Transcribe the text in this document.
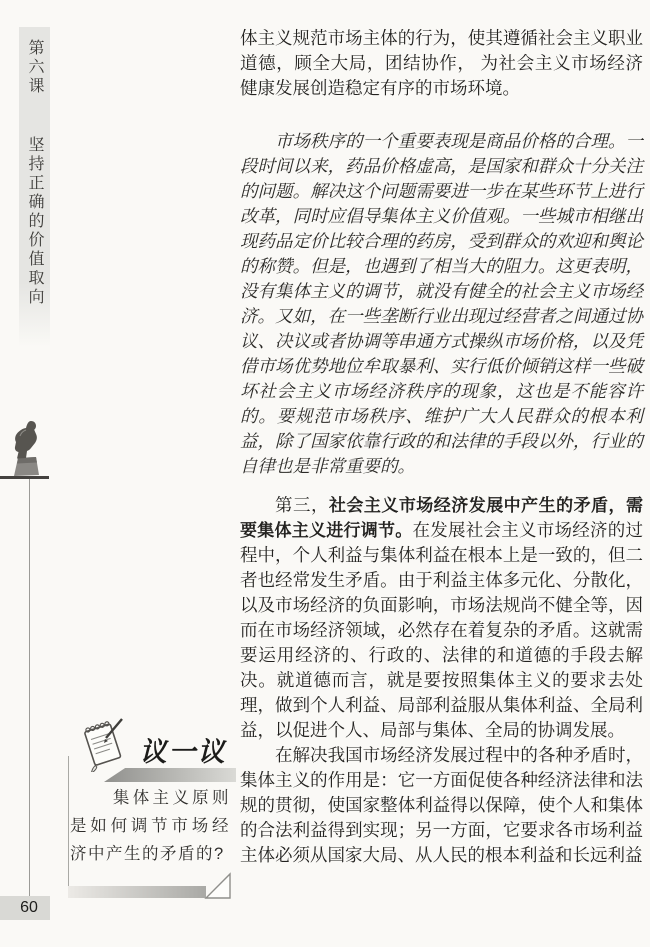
第六课 坚持正确的价值取向
60

体主义规范市场主体的行为，使其遵循社会主义职业道德，顾全大局，团结协作， 为社会主义市场经济健康发展创造稳定有序的市场环境。

市场秩序的一个重要表现是商品价格的合理。一段时间以来，药品价格虚高，是国家和群众十分关注的问题。解决这个问题需要进一步在某些环节上进行改革，同时应倡导集体主义价值观。一些城市相继出现药品定价比较合理的药房，受到群众的欢迎和舆论的称赞。但是，也遇到了相当大的阻力。这更表明，没有集体主义的调节，就没有健全的社会主义市场经济。又如，在一些垄断行业出现过经营者之间通过协议、决议或者协调等串通方式操纵市场价格，以及凭借市场优势地位牟取暴利、实行低价倾销这样一些破坏社会主义市场经济秩序的现象，这也是不能容许的。要规范市场秩序、维护广大人民群众的根本利益，除了国家依靠行政的和法律的手段以外，行业的自律也是非常重要的。

第三，社会主义市场经济发展中产生的矛盾，需要集体主义进行调节。在发展社会主义市场经济的过程中，个人利益与集体利益在根本上是一致的，但二者也经常发生矛盾。由于利益主体多元化、分散化，以及市场经济的负面影响，市场法规尚不健全等，因而在市场经济领域，必然存在着复杂的矛盾。这就需要运用经济的、行政的、法律的和道德的手段去解决。就道德而言，就是要按照集体主义的要求去处理，做到个人利益、局部利益服从集体利益、全局利益，以促进个人、局部与集体、全局的协调发展。

在解决我国市场经济发展过程中的各种矛盾时，集体主义的作用是：它一方面促使各种经济法律和法规的贯彻，使国家整体利益得以保障，使个人和集体的合法利益得到实现；另一方面，它要求各市场利益主体必须从国家大局、从人民的根本利益和长远利益

议一议

集体主义原则是如何调节市场经济中产生的矛盾的?
